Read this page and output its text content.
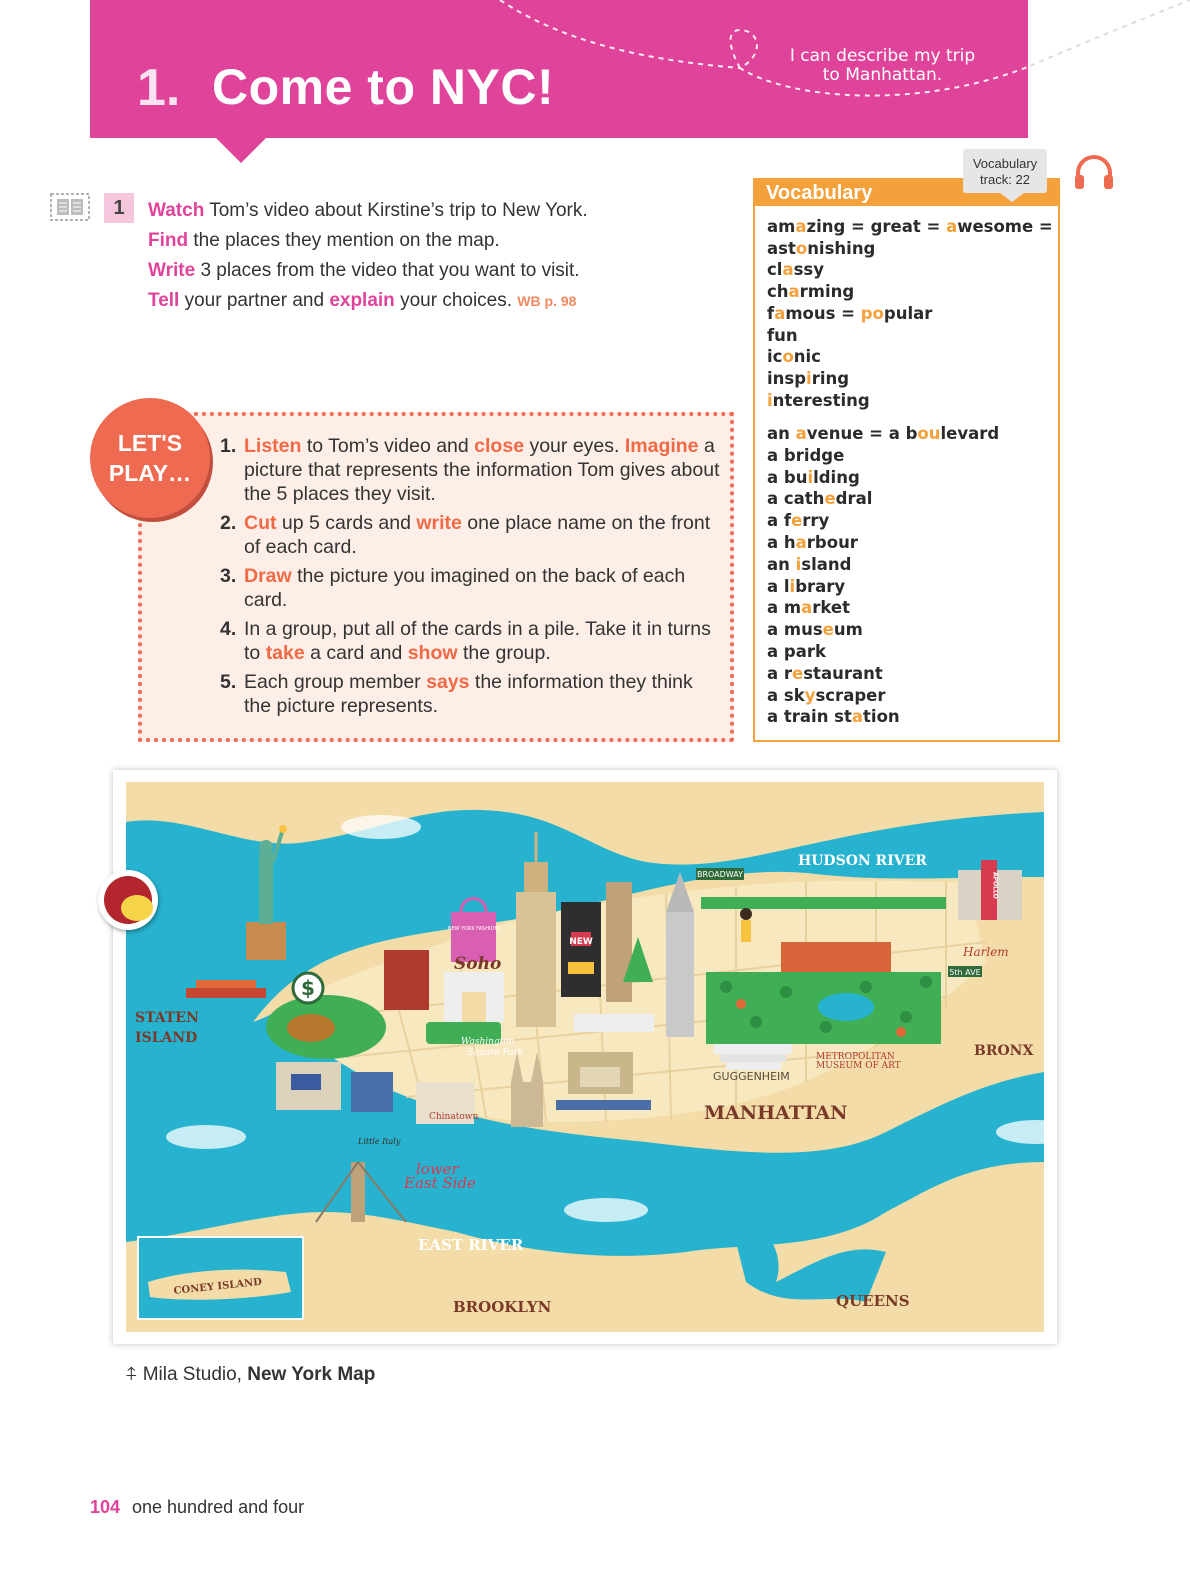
1. Come to NYC!
I can describe my trip
to Manhattan.
1	Watch Tom’s video about Kirstine’s trip to New York.
Find the places they mention on the map.
Write 3 places from the video that you want to visit.
Tell your partner and explain your choices. WB p. 98
LET'S
PLAY…
1. Listen to Tom’s video and close your eyes. Imagine a picture that represents the information Tom gives about the 5 places they visit.
2. Cut up 5 cards and write one place name on the front of each card.
3. Draw the picture you imagined on the back of each card.
4. In a group, put all of the cards in a pile. Take it in turns to take a card and show the group.
5. Each group member says the information they think the picture represents.
Vocabulary
Vocabulary
track: 22
amazing = great = awesome =
astonishing
classy
charming
famous = popular
fun
iconic
inspiring
interesting
an avenue = a boulevard
a bridge
a building
a cathedral
a ferry
a harbour
an island
a library
a market
a museum
a park
a restaurant
a skyscraper
a train station
$
HUDSON RIVER
BROADWAY
Harlem
5th AVE
BRONX
STATEN
ISLAND
Soho
NEW YORK FASHION
NEW
Washington
Square Park
Chinatown
Little Italy
lower
East Side
METROPOLITAN
MUSEUM OF ART
GUGGENHEIM
MANHATTAN
EAST RIVER
BROOKLYN	QUEENS
CONEY ISLAND
APOLLO
⍏ Mila Studio, New York Map
104 one hundred and four
